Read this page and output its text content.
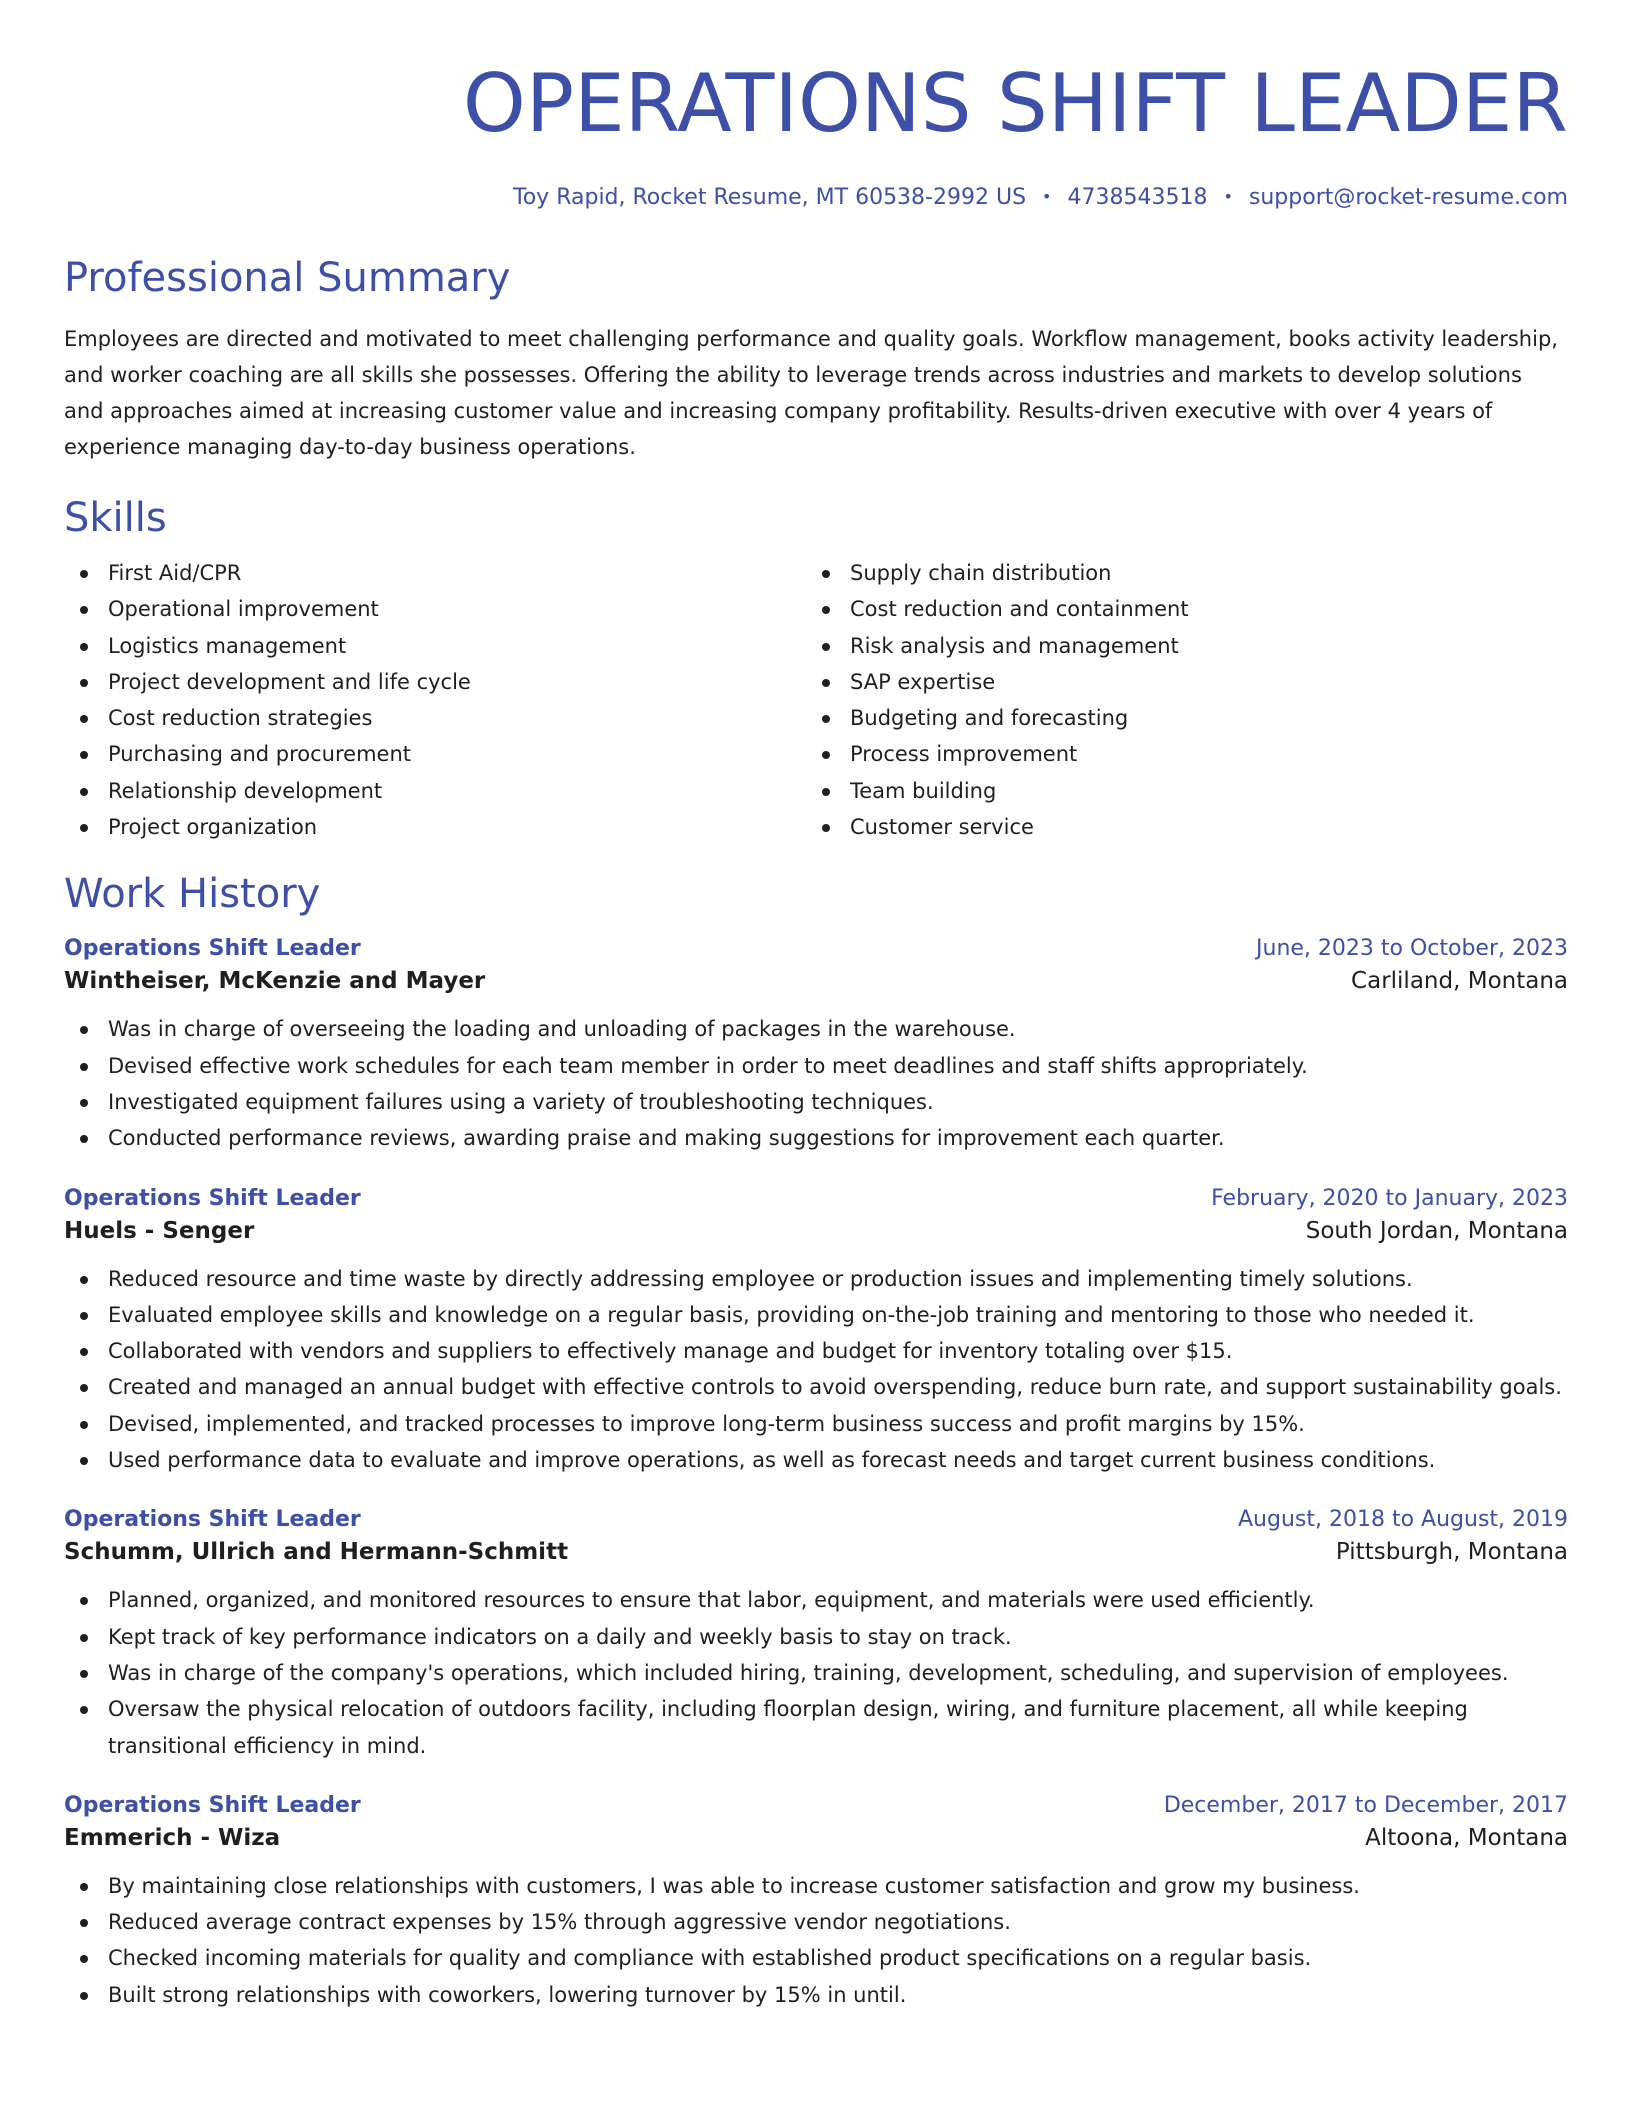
OPERATIONS SHIFT LEADER
Toy Rapid, Rocket Resume, MT 60538-2992 US • 4738543518 • support@rocket-resume.com
Professional Summary

Employees are directed and motivated to meet challenging performance and quality goals. Workflow management, books activity leadership, and worker coaching are all skills she possesses. Offering the ability to leverage trends across industries and markets to develop solutions and approaches aimed at increasing customer value and increasing company profitability. Results-driven executive with over 4 years of experience managing day-to-day business operations.

Skills
First Aid/CPR
Operational improvement
Logistics management
Project development and life cycle
Cost reduction strategies
Purchasing and procurement
Relationship development
Project organization
Supply chain distribution
Cost reduction and containment
Risk analysis and management
SAP expertise
Budgeting and forecasting
Process improvement
Team building
Customer service
Work History
Operations Shift Leader	June, 2023 to October, 2023
Wintheiser, McKenzie and Mayer	Carliland, Montana
Was in charge of overseeing the loading and unloading of packages in the warehouse.
Devised effective work schedules for each team member in order to meet deadlines and staff shifts appropriately.
Investigated equipment failures using a variety of troubleshooting techniques.
Conducted performance reviews, awarding praise and making suggestions for improvement each quarter.
Operations Shift Leader	February, 2020 to January, 2023
Huels - Senger	South Jordan, Montana
Reduced resource and time waste by directly addressing employee or production issues and implementing timely solutions.
Evaluated employee skills and knowledge on a regular basis, providing on-the-job training and mentoring to those who needed it.
Collaborated with vendors and suppliers to effectively manage and budget for inventory totaling over $15.
Created and managed an annual budget with effective controls to avoid overspending, reduce burn rate, and support sustainability goals.
Devised, implemented, and tracked processes to improve long-term business success and profit margins by 15%.
Used performance data to evaluate and improve operations, as well as forecast needs and target current business conditions.
Operations Shift Leader	August, 2018 to August, 2019
Schumm, Ullrich and Hermann-Schmitt	Pittsburgh, Montana
Planned, organized, and monitored resources to ensure that labor, equipment, and materials were used efficiently.
Kept track of key performance indicators on a daily and weekly basis to stay on track.
Was in charge of the company's operations, which included hiring, training, development, scheduling, and supervision of employees.
Oversaw the physical relocation of outdoors facility, including floorplan design, wiring, and furniture placement, all while keeping transitional efficiency in mind.
Operations Shift Leader	December, 2017 to December, 2017
Emmerich - Wiza	Altoona, Montana
By maintaining close relationships with customers, I was able to increase customer satisfaction and grow my business.
Reduced average contract expenses by 15% through aggressive vendor negotiations.
Checked incoming materials for quality and compliance with established product specifications on a regular basis.
Built strong relationships with coworkers, lowering turnover by 15% in until.
